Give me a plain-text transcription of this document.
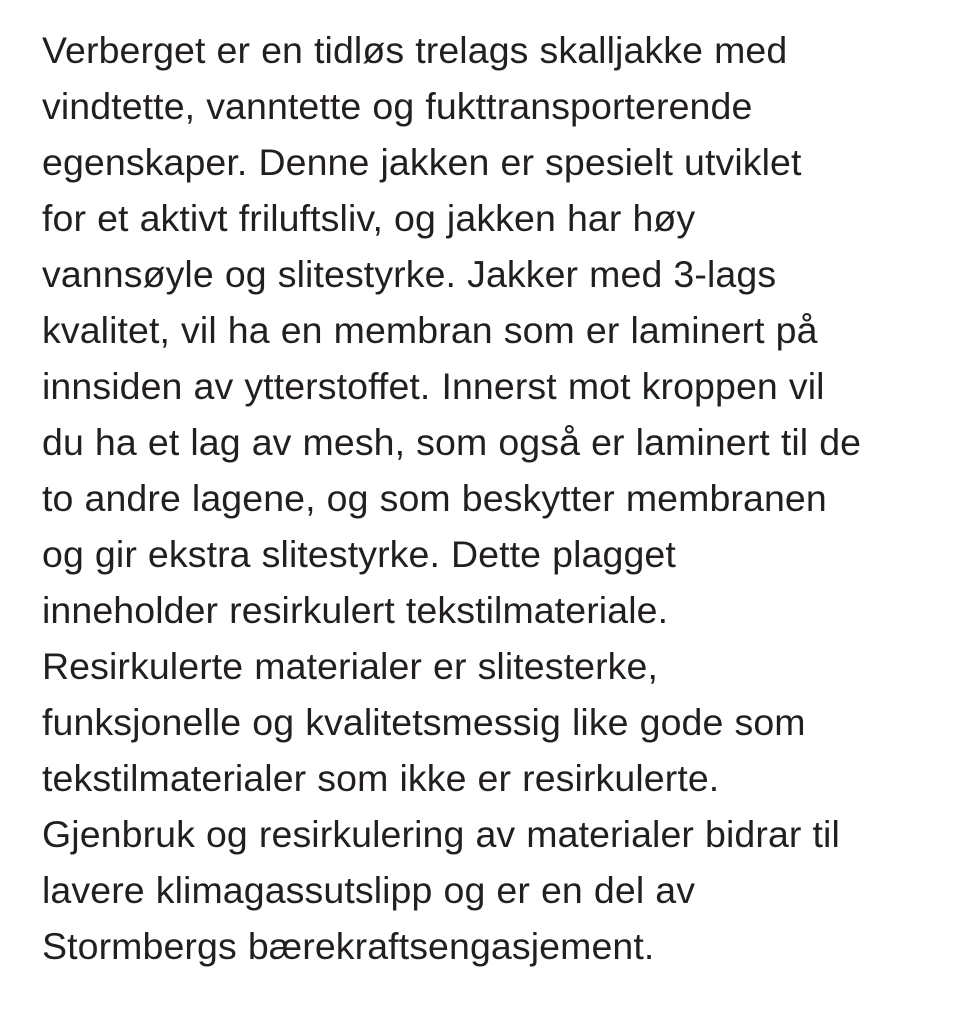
Verberget er en tidløs trelags skalljakke med
vindtette, vanntette og fukttransporterende
egenskaper. Denne jakken er spesielt utviklet
for et aktivt friluftsliv, og jakken har høy
vannsøyle og slitestyrke. Jakker med 3-lags
kvalitet, vil ha en membran som er laminert på
innsiden av ytterstoffet. Innerst mot kroppen vil
du ha et lag av mesh, som også er laminert til de
to andre lagene, og som beskytter membranen
og gir ekstra slitestyrke. Dette plagget
inneholder resirkulert tekstilmateriale.
Resirkulerte materialer er slitesterke,
funksjonelle og kvalitetsmessig like gode som
tekstilmaterialer som ikke er resirkulerte.
Gjenbruk og resirkulering av materialer bidrar til
lavere klimagassutslipp og er en del av
Stormbergs bærekraftsengasjement.
